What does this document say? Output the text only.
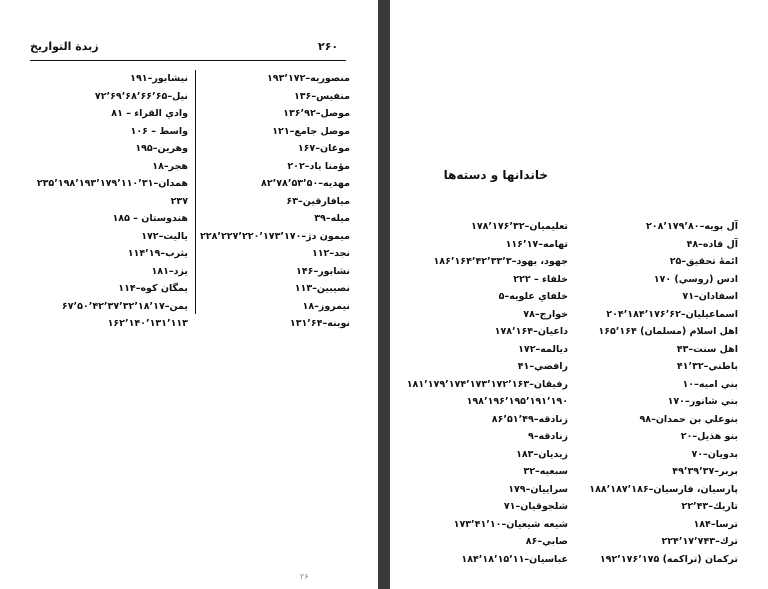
۲۶۰
زبدة التواريخ
منصوريه–۱۹۳٬۱۷۲
منفيس–۱۳۶
موصل–۱۳۶٬۹۲
موصل جامع–۱۲۱
موغان–۱۶۷
مؤمنا باد–۲۰۲
مهديه–۸۲٬۷۸٬۵۳٬۵۰
ميافارقين–۶۳
ميله–۳۹
ميمون دژ–۲۲۸٬۲۲۷٬۲۲۰٬۱۷۳٬۱۷۰
نجد–۱۱۲
نشابور–۱۴۶
نصيبين–۱۱۳
نيمروز–۱۸
نوبنه–۱۳۱٬۶۴
نيشابور–۱۹۱
نيل–۷۲٬۶۹٬۶۸٬۶۶٬۶۵
وادي القراء – ۸۱
واسط – ۱۰۶
وهرين–۱۹۵
هجر–۱۸
همدان–۲۳۵٬۱۹۸٬۱۹۳٬۱۷۹٬۱۱۰٬۳۱
۲۳۷
هندوستان – ۱۸۵
ياليت–۱۷۲
يثرب–۱۱۴٬۱۹
يزد–۱۸۱
يمگان كوه–۱۱۴
يمن–۶۷٬۵۰٬۴۲٬۳۷٬۳۲٬۱۸٬۱۷
۱۶۲٬۱۴۰٬۱۳۱٬۱۱۳
۲۶
خاندانها و دسته‌ها
آل بويه–۲۰۸٬۱۷۹٬۸۰
آل قاده–۴۸
ائمهٔ تحقيق–۲۵
ادس (روسي) ۱۷۰
اسفادان–۷۱
اسماعيليان–۲۰۴٬۱۸۴٬۱۷۶٬۶۲
اهل اسلام (مسلمان) ۱۶۵٬۱۶۴
اهل سنت–۴۳
باطني–۴۱٬۳۲
بني اميه–۱۰
بني شانور–۱۷۰
بنوعلي بن حمدان–۹۸
بنو هذيل–۲۰
بدويان–۷۰
بربر–۴۹٬۳۹٬۳۷
پارسيان، فارسيان–۱۸۸٬۱۸۷٬۱۸۶
تاريك–۲۲٬۴۳
ترسا–۱۸۴
ترك–۲۲۴٬۱۷٬۷۴۳
تركمان (تراكمه) ۱۹۲٬۱۷۶٬۱۷۵
تعليميان–۱۷۸٬۱۷۶٬۳۲
تهامه–۱۱۶٬۱۷
جهود، يهود–۱۸۶٬۱۶۴٬۴۲٬۳۳٬۳
خلفاء – ۲۲۲
خلفاي علويه–۵
خوارج–۷۸
داعيان–۱۷۸٬۱۶۴
ديالمه–۱۷۲
رافضي–۴۱
رفيقان–۱۸۱٬۱۷۹٬۱۷۴٬۱۷۳٬۱۷۲٬۱۶۳
۱۹۸٬۱۹۶٬۱۹۵٬۱۹۱٬۱۹۰
زنادقه–۸۶٬۵۱٬۴۹
زنادقه–۹
زيديان–۱۸۳
سبعيه–۳۲
سراييان–۱۷۹
شلجوقيان–۷۱
شيعه شيعيان–۱۷۳٬۴۱٬۱۰
صابي–۸۶
عباسيان–۱۸۴٬۱۸٬۱۵٬۱۱
